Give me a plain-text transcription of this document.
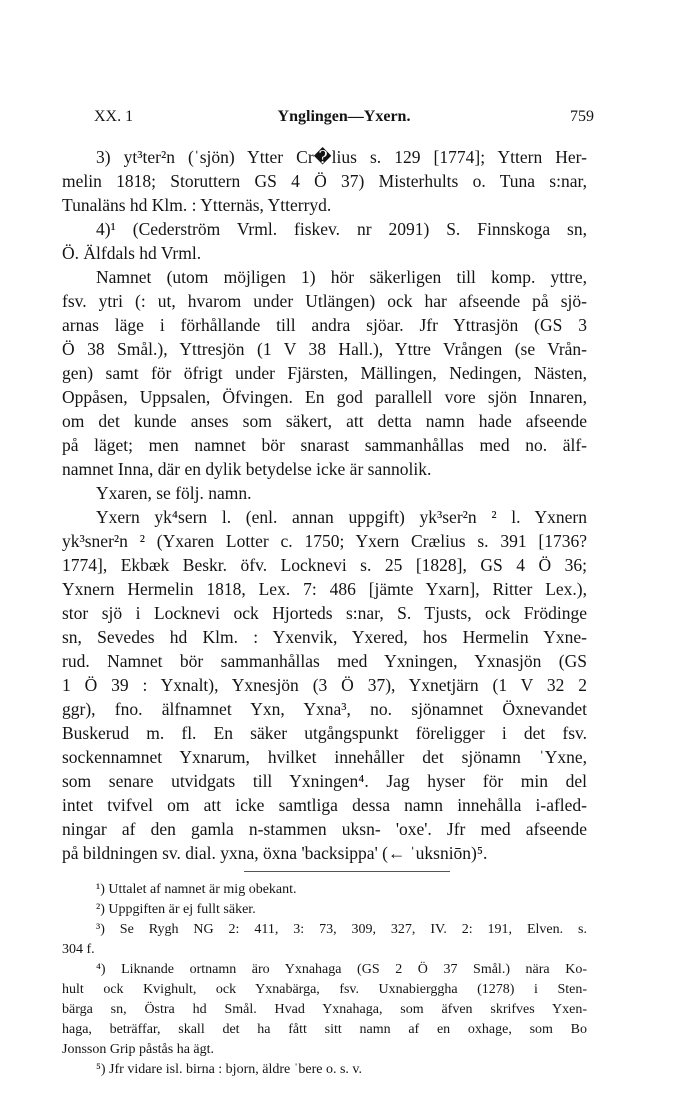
XX. 1	Ynglingen—Yxern.	759
3) yt³ter²n (ˈsjön) Ytter Cr�lius s. 129 [1774]; Yttern Her-
melin 1818; Storuttern GS 4 Ö 37) Misterhults o. Tuna s:nar,
Tunaläns hd Klm. : Ytternäs, Ytterryd.
4)¹ (Cederström Vrml. fiskev. nr 2091) S. Finnskoga sn,
Ö. Älfdals hd Vrml.
Namnet (utom möjligen 1) hör säkerligen till komp. yttre,
fsv. ytri (: ut, hvarom under Utlängen) ock har afseende på sjö-
arnas läge i förhållande till andra sjöar. Jfr Yttrasjön (GS 3
Ö 38 Smål.), Yttresjön (1 V 38 Hall.), Yttre Vrången (se Vrån-
gen) samt för öfrigt under Fjärsten, Mällingen, Nedingen, Nästen,
Oppåsen, Uppsalen, Öfvingen. En god parallell vore sjön Innaren,
om det kunde anses som säkert, att detta namn hade afseende
på läget; men namnet bör snarast sammanhållas med no. älf-
namnet Inna, där en dylik betydelse icke är sannolik.
Yxaren, se följ. namn.
Yxern yk⁴sern l. (enl. annan uppgift) yk³ser²n ² l. Yxnern
yk³sner²n ² (Yxaren Lotter c. 1750; Yxern Crælius s. 391 [1736?
1774], Ekbæk Beskr. öfv. Locknevi s. 25 [1828], GS 4 Ö 36;
Yxnern Hermelin 1818, Lex. 7: 486 [jämte Yxarn], Ritter Lex.),
stor sjö i Locknevi ock Hjorteds s:nar, S. Tjusts, ock Frödinge
sn, Sevedes hd Klm. : Yxenvik, Yxered, hos Hermelin Yxne-
rud. Namnet bör sammanhållas med Yxningen, Yxnasjön (GS
1 Ö 39 : Yxnalt), Yxnesjön (3 Ö 37), Yxnetjärn (1 V 32 2
ggr), fno. älfnamnet Yxn, Yxna³, no. sjönamnet Öxnevandet
Buskerud m. fl. En säker utgångspunkt föreligger i det fsv.
sockennamnet Yxnarum, hvilket innehåller det sjönamn ˈYxne,
som senare utvidgats till Yxningen⁴. Jag hyser för min del
intet tvifvel om att icke samtliga dessa namn innehålla i-afled-
ningar af den gamla n-stammen uksn- 'oxe'. Jfr med afseende
på bildningen sv. dial. yxna, öxna 'backsippa' (← ˈuksniōn)⁵.
¹) Uttalet af namnet är mig obekant.
²) Uppgiften är ej fullt säker.
³) Se Rygh NG 2: 411, 3: 73, 309, 327, IV. 2: 191, Elven. s.
304 f.
⁴) Liknande ortnamn äro Yxnahaga (GS 2 Ö 37 Smål.) nära Ko-
hult ock Kvighult, ock Yxnabärga, fsv. Uxnabierggha (1278) i Sten-
bärga sn, Östra hd Smål. Hvad Yxnahaga, som äfven skrifves Yxen-
haga, beträffar, skall det ha fått sitt namn af en oxhage, som Bo
Jonsson Grip påstås ha ägt.
⁵) Jfr vidare isl. birna : bjorn, äldre ˈbere o. s. v.
